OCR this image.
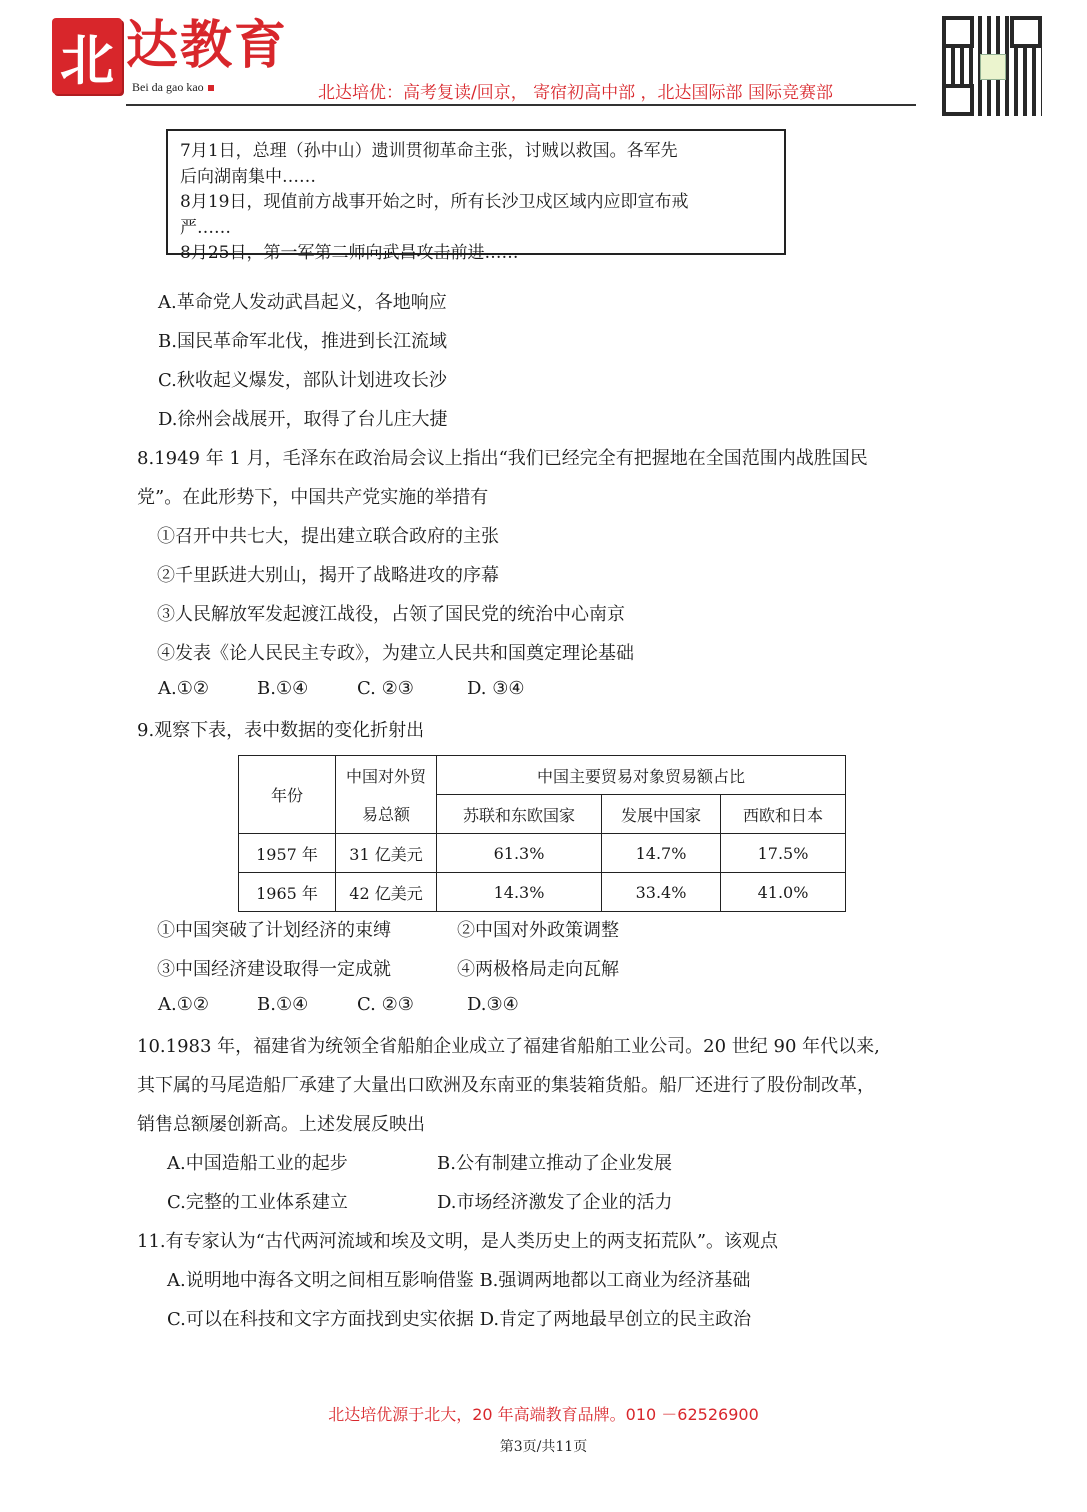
北 达教育
Bei da gao kao	北达培优：高考复读/回京， 寄宿初高中部 ，北达国际部 国际竞赛部

7月1日，总理（孙中山）遗训贯彻革命主张，讨贼以救国。各军先

后向湖南集中……

8月19日，现值前方战事开始之时，所有长沙卫戍区域内应即宣布戒

严……

8月25日，第一军第二师向武昌攻击前进……

A.革命党人发动武昌起义，各地响应
B.国民革命军北伐，推进到长江流域
C.秋收起义爆发，部队计划进攻长沙
D.徐州会战展开，取得了台儿庄大捷
8.1949 年 1 月，毛泽东在政治局会议上指出“我们已经完全有把握地在全国范围内战胜国民
党”。在此形势下，中国共产党实施的举措有
①召开中共七大，提出建立联合政府的主张
②千里跃进大别山，揭开了战略进攻的序幕
③人民解放军发起渡江战役，占领了国民党的统治中心南京
④发表《论人民民主专政》，为建立人民共和国奠定理论基础
A.①②	B.①④	C. ②③	D. ③④
9.观察下表，表中数据的变化折射出
年份	中国对外贸	中国主要贸易对象贸易额占比		
	易总额	苏联和东欧国家	发展中国家	西欧和日本
1957 年	31 亿美元	61.3%	14.7%	17.5%
1965 年	42 亿美元	14.3%	33.4%	41.0%
①中国突破了计划经济的束缚	②中国对外政策调整
③中国经济建设取得一定成就	④两极格局走向瓦解
A.①②	B.①④	C. ②③	D.③④
10.1983 年，福建省为统领全省船舶企业成立了福建省船舶工业公司。20 世纪 90 年代以来,
其下属的马尾造船厂承建了大量出口欧洲及东南亚的集装箱货船。船厂还进行了股份制改革，
销售总额屡创新高。上述发展反映出
A.中国造船工业的起步	B.公有制建立推动了企业发展
C.完整的工业体系建立	D.市场经济激发了企业的活力
11.有专家认为“古代两河流域和埃及文明，是人类历史上的两支拓荒队”。该观点
A.说明地中海各文明之间相互影响借鉴 B.强调两地都以工商业为经济基础
C.可以在科技和文字方面找到史实依据 D.肯定了两地最早创立的民主政治
北达培优源于北大，20 年高端教育品牌。010 －62526900
第3页/共11页
